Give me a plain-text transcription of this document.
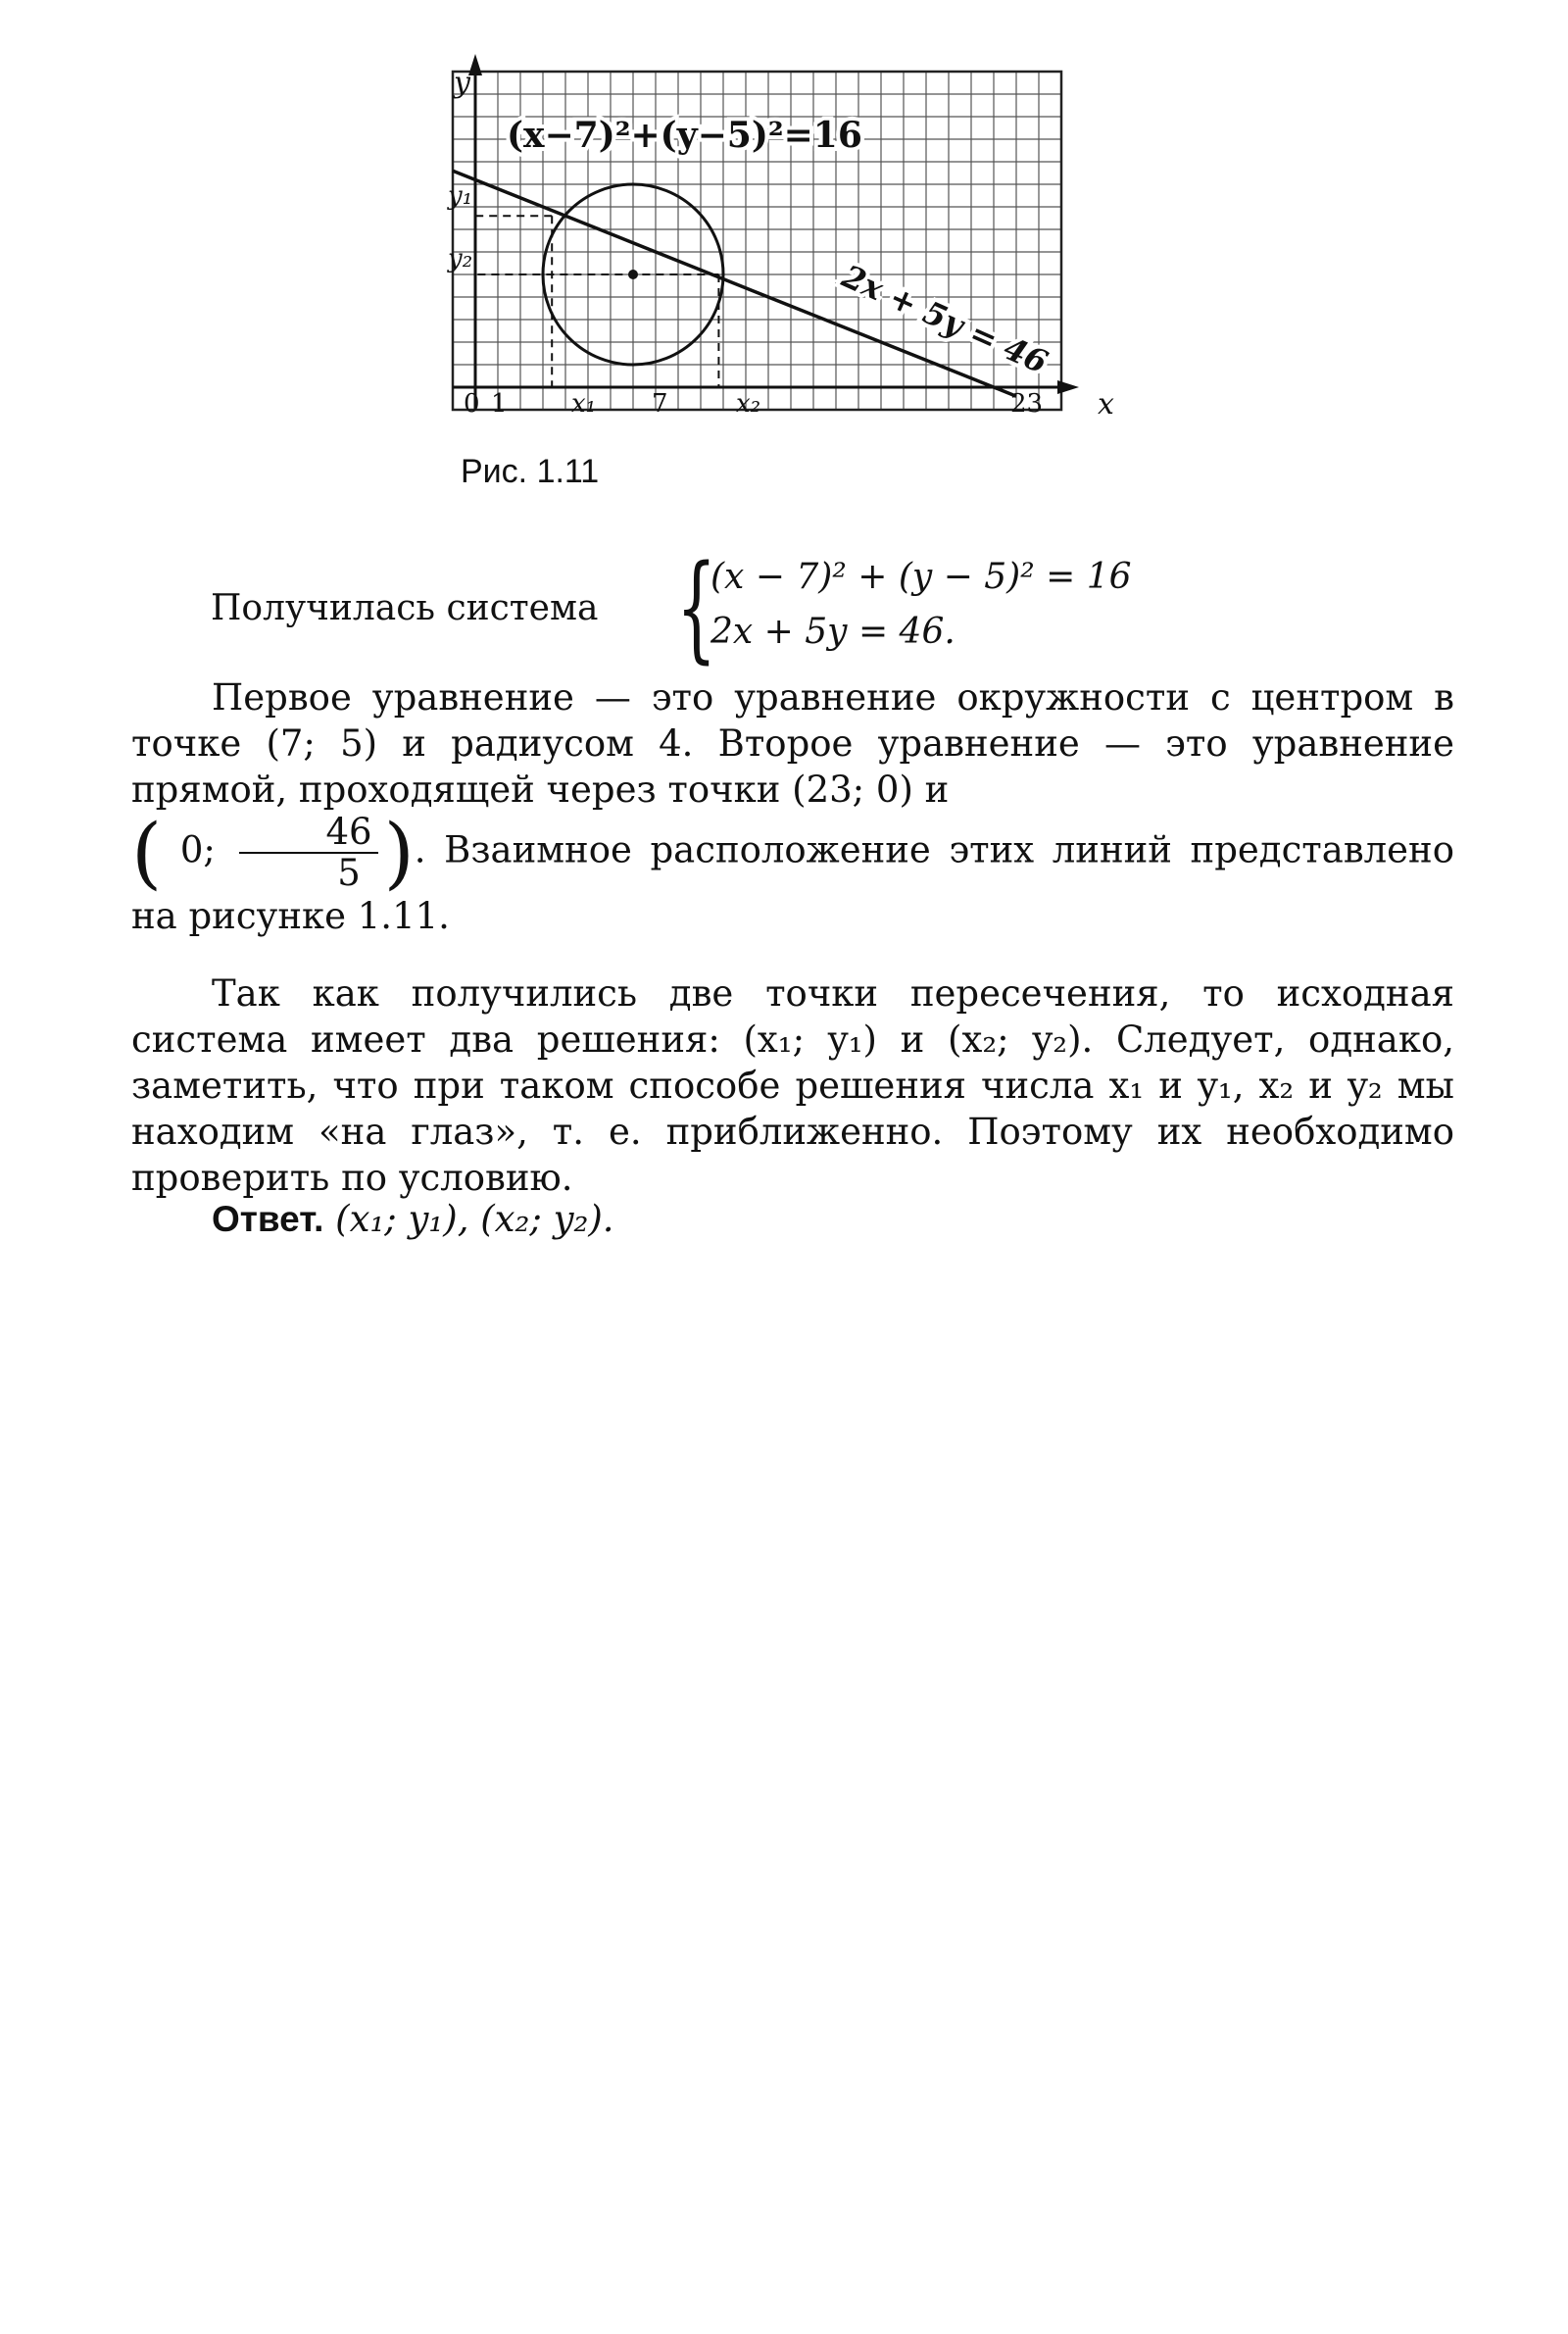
(x−7)²+(y−5)²=16
2x + 5y = 46
x
y
0 1	x₁ 7	x₂	23
y₁
y₂
Рис. 1.11
Получилась система {
(x − 7)² + (y − 5)² = 16
2x + 5y = 46.

Первое уравнение — это уравнение окружности с центром в точке (7; 5) и радиусом 4. Второе уравнение — это уравнение прямой, проходящей через точки (23; 0) и
( 0; $\frac{46}{5}$ ). Взаимное расположение этих линий представлено на рисунке 1.11.

Так как получились две точки пересечения, то исходная система имеет два решения: (x₁; y₁) и (x₂; y₂). Следует, однако, заметить, что при таком способе решения числа x₁ и y₁, x₂ и y₂ мы находим «на глаз», т. е. приближенно. Поэтому их необходимо проверить по условию.

Ответ. (x₁; y₁), (x₂; y₂).
